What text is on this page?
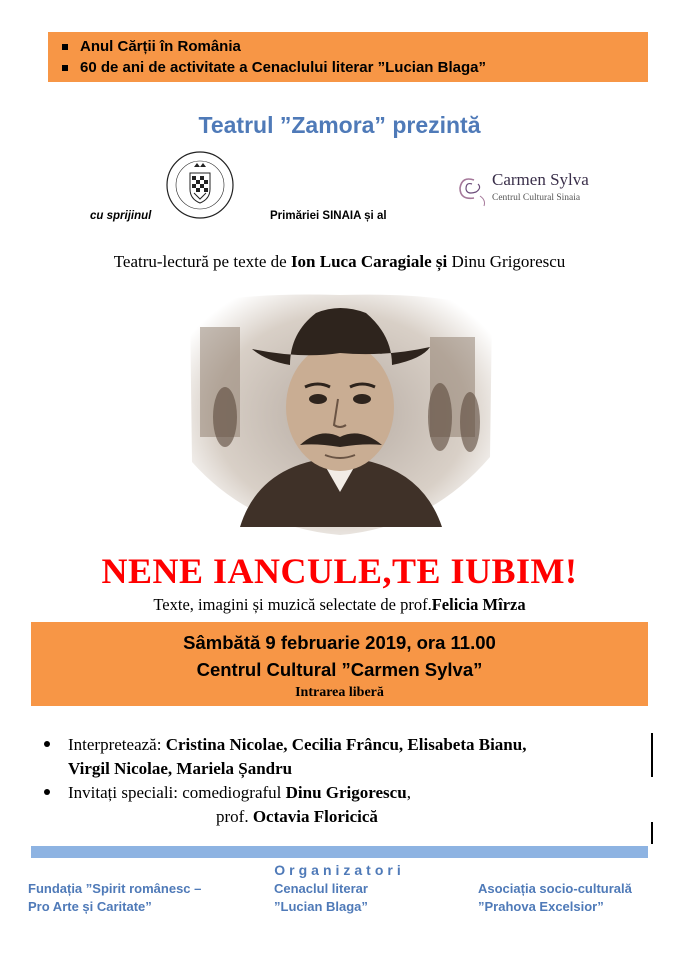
Anul Cărții în România
60 de ani de activitate a Cenaclului literar ”Lucian Blaga”
Teatrul ”Zamora” prezintă
cu sprijinul	Primăriei SINAIA și al
Carmen Sylva
Centrul Cultural Sinaia
Teatru-lectură pe texte de Ion Luca Caragiale și Dinu Grigorescu
NENE IANCULE,TE IUBIM!
Texte, imagini și muzică selectate de prof.Felicia Mîrza
Sâmbătă 9 februarie 2019, ora 11.00
Centrul Cultural ”Carmen Sylva”
Intrarea liberă
Interpretează: Cristina Nicolae, Cecilia Frâncu, Elisabeta Bianu,
Virgil Nicolae, Mariela Șandru
Invitați speciali: comediograful Dinu Grigorescu,
prof. Octavia Floricică
Organizatori
Fundația ”Spirit românesc –
Pro Arte și Caritate”
Cenaclul literar
”Lucian Blaga”
Asociația socio-culturală
”Prahova Excelsior”
